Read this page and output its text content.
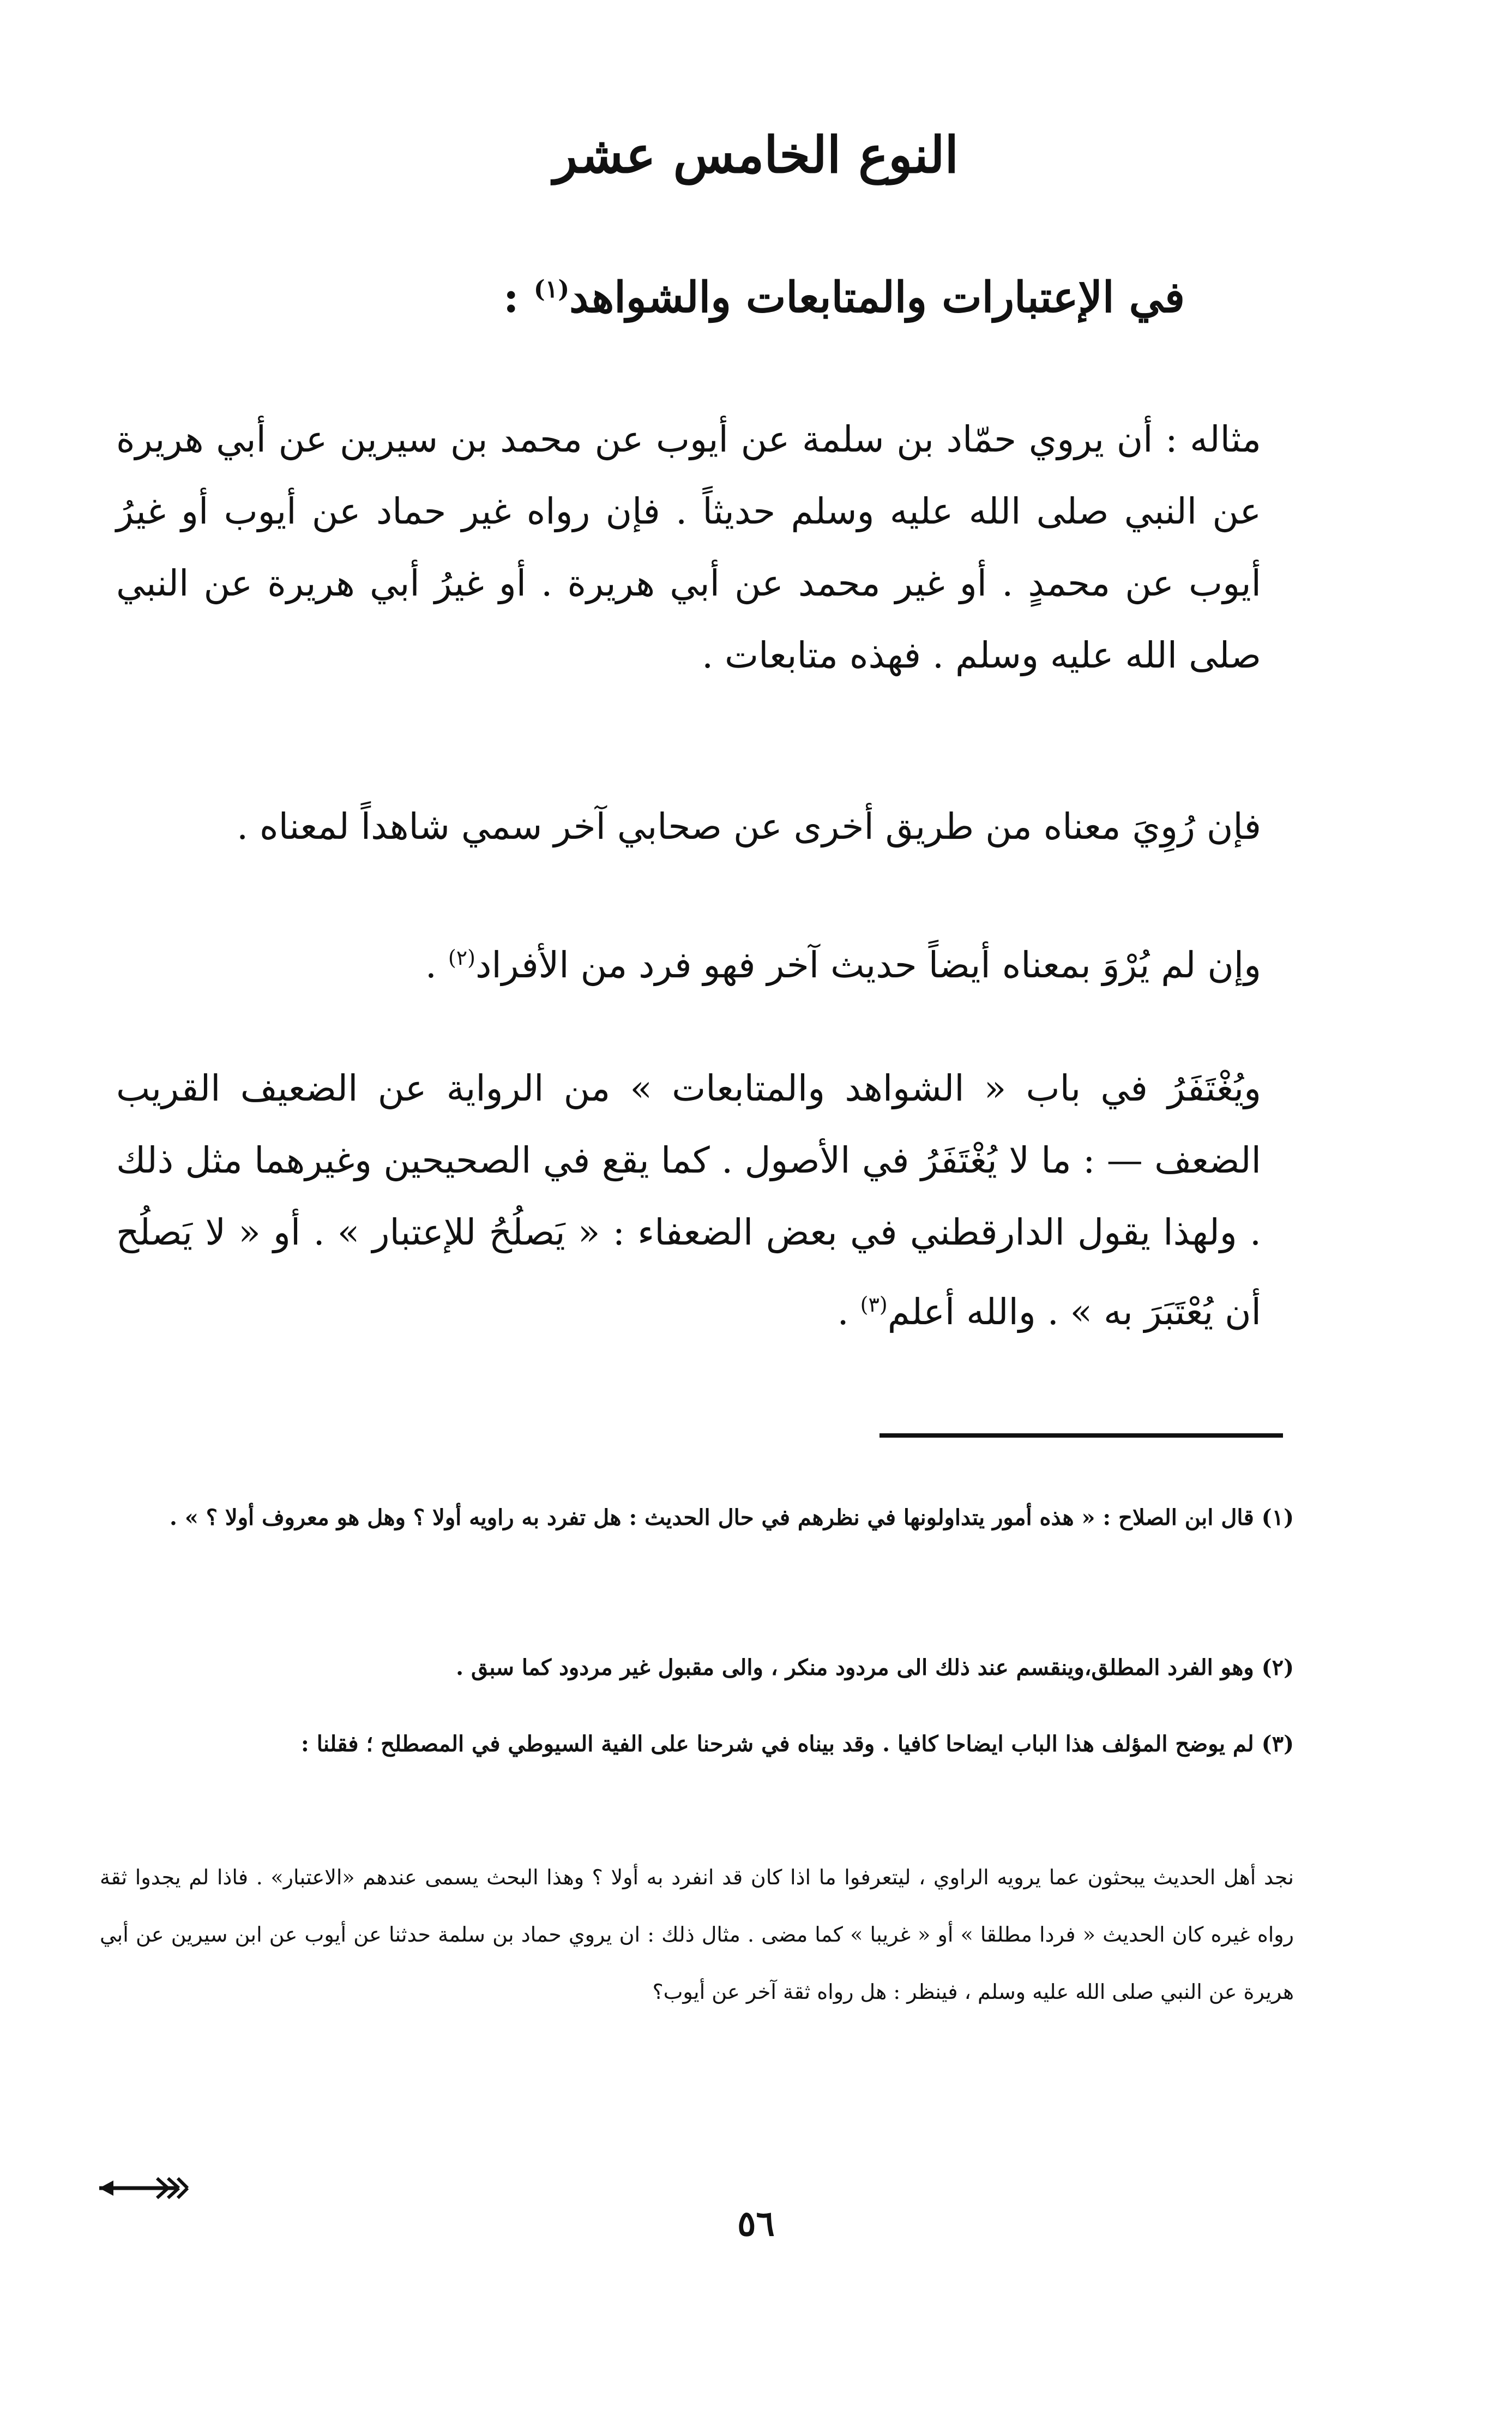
النوع الخامس عشر
في الإعتبارات والمتابعات والشواهد$^{(١)}$ :

مثاله : أن يروي حمّاد بن سلمة عن أيوب عن محمد بن سيرين عن أبي هريرة عن النبي صلى الله عليه وسلم حديثاً . فإن رواه غير حماد عن أيوب أو غيرُ أيوب عن محمدٍ . أو غير محمد عن أبي هريرة . أو غيرُ أبي هريرة عن النبي صلى الله عليه وسلم . فهذه متابعات .

فإن رُوِيَ معناه من طريق أخرى عن صحابي آخر سمي شاهداً لمعناه .

وإن لم يُرْوَ بمعناه أيضاً حديث آخر فهو فرد من الأفراد$^{(٢)}$ .

ويُغْتَفَرُ في باب « الشواهد والمتابعات » من الرواية عن الضعيف القريب الضعف — : ما لا يُغْتَفَرُ في الأصول . كما يقع في الصحيحين وغيرهما مثل ذلك . ولهذا يقول الدارقطني في بعض الضعفاء : « يَصلُحُ للإعتبار » . أو « لا يَصلُح أن يُعْتَبَرَ به » . والله أعلم$^{(٣)}$ .

(١) قال ابن الصلاح : « هذه أمور يتداولونها في نظرهم في حال الحديث : هل تفرد به راويه أولا ؟ وهل هو معروف أولا ؟ » .

(٢) وهو الفرد المطلق،وينقسم عند ذلك الى مردود منكر ، والى مقبول غير مردود كما سبق .

(٣) لم يوضح المؤلف هذا الباب ايضاحا كافيا . وقد بيناه في شرحنا على الفية السيوطي في المصطلح ؛ فقلنا :

نجد أهل الحديث يبحثون عما يرويه الراوي ، ليتعرفوا ما اذا كان قد انفرد به أولا ؟ وهذا البحث يسمى عندهم «الاعتبار» . فاذا لم يجدوا ثقة رواه غيره كان الحديث « فردا مطلقا » أو « غريبا » كما مضى . مثال ذلك : ان يروي حماد بن سلمة حدثنا عن أيوب عن ابن سيرين عن أبي هريرة عن النبي صلى الله عليه وسلم ، فينظر : هل رواه ثقة آخر عن أيوب؟

٥٦
